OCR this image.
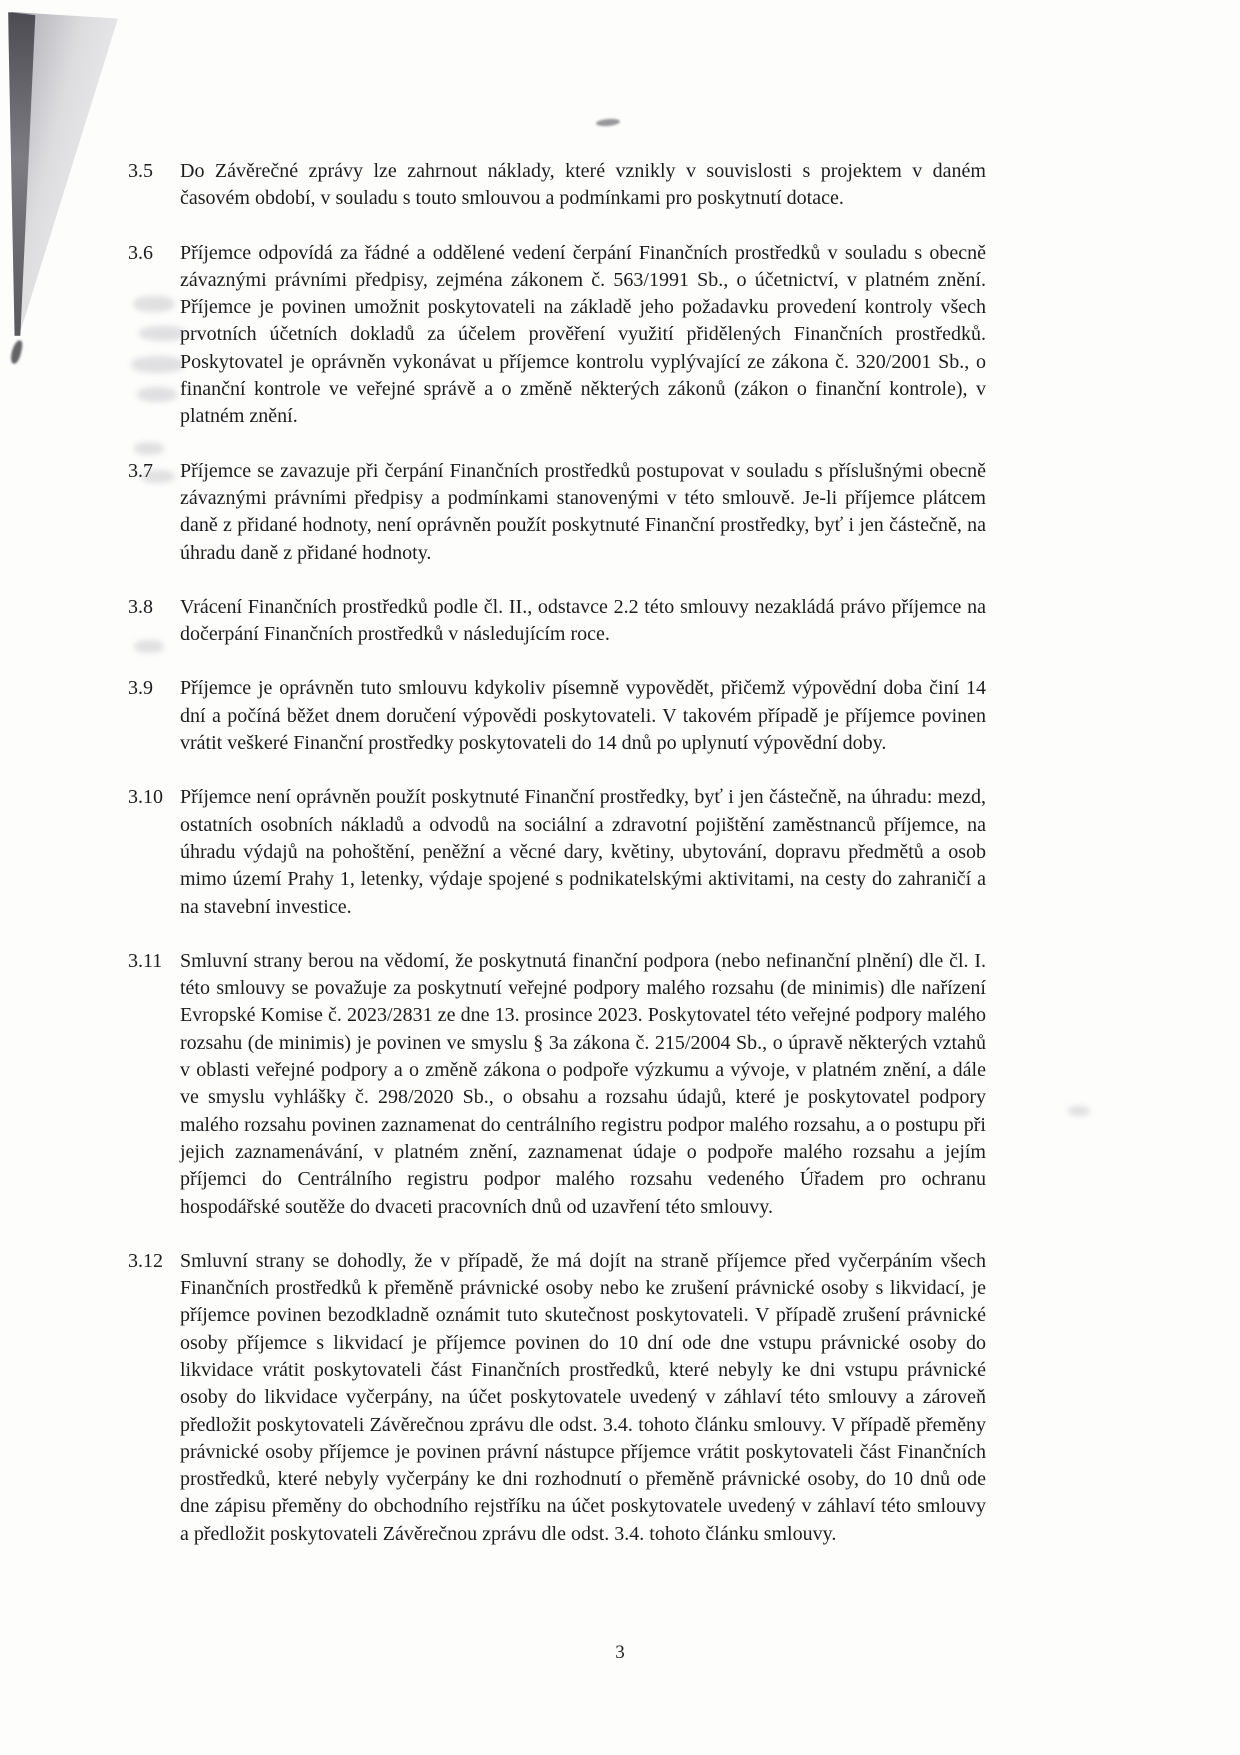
3.5	Do Závěrečné zprávy lze zahrnout náklady, které vznikly v souvislosti s projektem v daném časovém období, v souladu s touto smlouvou a podmínkami pro poskytnutí dotace.
3.6	Příjemce odpovídá za řádné a oddělené vedení čerpání Finančních prostředků v souladu s obecně závaznými právními předpisy, zejména zákonem č. 563/1991 Sb., o účetnictví, v platném znění. Příjemce je povinen umožnit poskytovateli na základě jeho požadavku provedení kontroly všech prvotních účetních dokladů za účelem prověření využití přidělených Finančních prostředků. Poskytovatel je oprávněn vykonávat u příjemce kontrolu vyplývající ze zákona č. 320/2001 Sb., o finanční kontrole ve veřejné správě a o změně některých zákonů (zákon o finanční kontrole), v platném znění.
3.7	Příjemce se zavazuje při čerpání Finančních prostředků postupovat v souladu s příslušnými obecně závaznými právními předpisy a podmínkami stanovenými v této smlouvě. Je-li příjemce plátcem daně z přidané hodnoty, není oprávněn použít poskytnuté Finanční prostředky, byť i jen částečně, na úhradu daně z přidané hodnoty.
3.8	Vrácení Finančních prostředků podle čl. II., odstavce 2.2 této smlouvy nezakládá právo příjemce na dočerpání Finančních prostředků v následujícím roce.
3.9	Příjemce je oprávněn tuto smlouvu kdykoliv písemně vypovědět, přičemž výpovědní doba činí 14 dní a počíná běžet dnem doručení výpovědi poskytovateli. V takovém případě je příjemce povinen vrátit veškeré Finanční prostředky poskytovateli do 14 dnů po uplynutí výpovědní doby.
3.10 Příjemce není oprávněn použít poskytnuté Finanční prostředky, byť i jen částečně, na úhradu: mezd, ostatních osobních nákladů a odvodů na sociální a zdravotní pojištění zaměstnanců příjemce, na úhradu výdajů na pohoštění, peněžní a věcné dary, květiny, ubytování, dopravu předmětů a osob mimo území Prahy 1, letenky, výdaje spojené s podnikatelskými aktivitami, na cesty do zahraničí a na stavební investice.
3.11 Smluvní strany berou na vědomí, že poskytnutá finanční podpora (nebo nefinanční plnění) dle čl. I. této smlouvy se považuje za poskytnutí veřejné podpory malého rozsahu (de minimis) dle nařízení Evropské Komise č. 2023/2831 ze dne 13. prosince 2023. Poskytovatel této veřejné podpory malého rozsahu (de minimis) je povinen ve smyslu § 3a zákona č. 215/2004 Sb., o úpravě některých vztahů v oblasti veřejné podpory a o změně zákona o podpoře výzkumu a vývoje, v platném znění, a dále ve smyslu vyhlášky č. 298/2020 Sb., o obsahu a rozsahu údajů, které je poskytovatel podpory malého rozsahu povinen zaznamenat do centrálního registru podpor malého rozsahu, a o postupu při jejich zaznamenávání, v platném znění, zaznamenat údaje o podpoře malého rozsahu a jejím příjemci do Centrálního registru podpor malého rozsahu vedeného Úřadem pro ochranu hospodářské soutěže do dvaceti pracovních dnů od uzavření této smlouvy.
3.12 Smluvní strany se dohodly, že v případě, že má dojít na straně příjemce před vyčerpáním všech Finančních prostředků k přeměně právnické osoby nebo ke zrušení právnické osoby s likvidací, je příjemce povinen bezodkladně oznámit tuto skutečnost poskytovateli. V případě zrušení právnické osoby příjemce s likvidací je příjemce povinen do 10 dní ode dne vstupu právnické osoby do likvidace vrátit poskytovateli část Finančních prostředků, které nebyly ke dni vstupu právnické osoby do likvidace vyčerpány, na účet poskytovatele uvedený v záhlaví této smlouvy a zároveň předložit poskytovateli Závěrečnou zprávu dle odst. 3.4. tohoto článku smlouvy. V případě přeměny právnické osoby příjemce je povinen právní nástupce příjemce vrátit poskytovateli část Finančních prostředků, které nebyly vyčerpány ke dni rozhodnutí o přeměně právnické osoby, do 10 dnů ode dne zápisu přeměny do obchodního rejstříku na účet poskytovatele uvedený v záhlaví této smlouvy a předložit poskytovateli Závěrečnou zprávu dle odst. 3.4. tohoto článku smlouvy.
3
